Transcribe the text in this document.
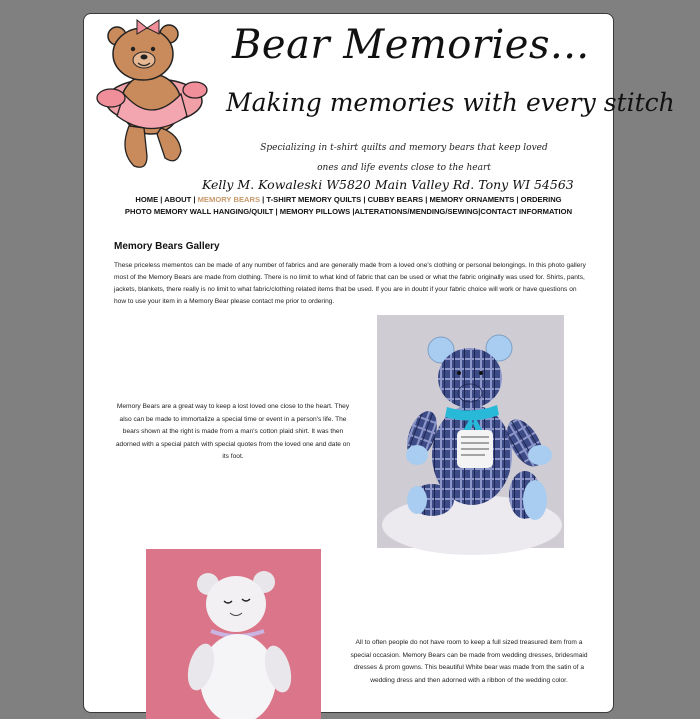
Bear Memories...
Making memories with every stitch
Specializing in t-shirt quilts and memory bears that keep loved ones and life events close to the heart
Kelly M. Kowaleski W5820 Main Valley Rd. Tony WI 54563
HOME | ABOUT | MEMORY BEARS | T-SHIRT MEMORY QUILTS | CUBBY BEARS | MEMORY ORNAMENTS | ORDERING
PHOTO MEMORY WALL HANGING/QUILT | MEMORY PILLOWS |ALTERATIONS/MENDING/SEWING|CONTACT INFORMATION
Memory Bears Gallery

These priceless mementos can be made of any number of fabrics and are generally made from a loved one's clothing or personal belongings. In this photo gallery most of the Memory Bears are made from clothing. There is no limit to what kind of fabric that can be used or what the fabric originally was used for. Shirts, pants, jackets, blankets, there really is no limit to what fabric/clothing related items that be used. If you are in doubt if your fabric choice will work or have questions on how to use your item in a Memory Bear please contact me prior to ordering.

Memory Bears are a great way to keep a lost loved one close to the heart. They also can be made to immortalize a special time or event in a person's life. The bears shown at the right is made from a man's cotton plaid shirt. It was then adorned with a special patch with special quotes from the loved one and date on its foot.
All to often people do not have room to keep a full sized treasured item from a special occasion. Memory Bears can be made from wedding dresses, bridesmaid dresses & prom gowns. This beautiful White bear was made from the satin of a wedding dress and then adorned with a ribbon of the wedding color.
